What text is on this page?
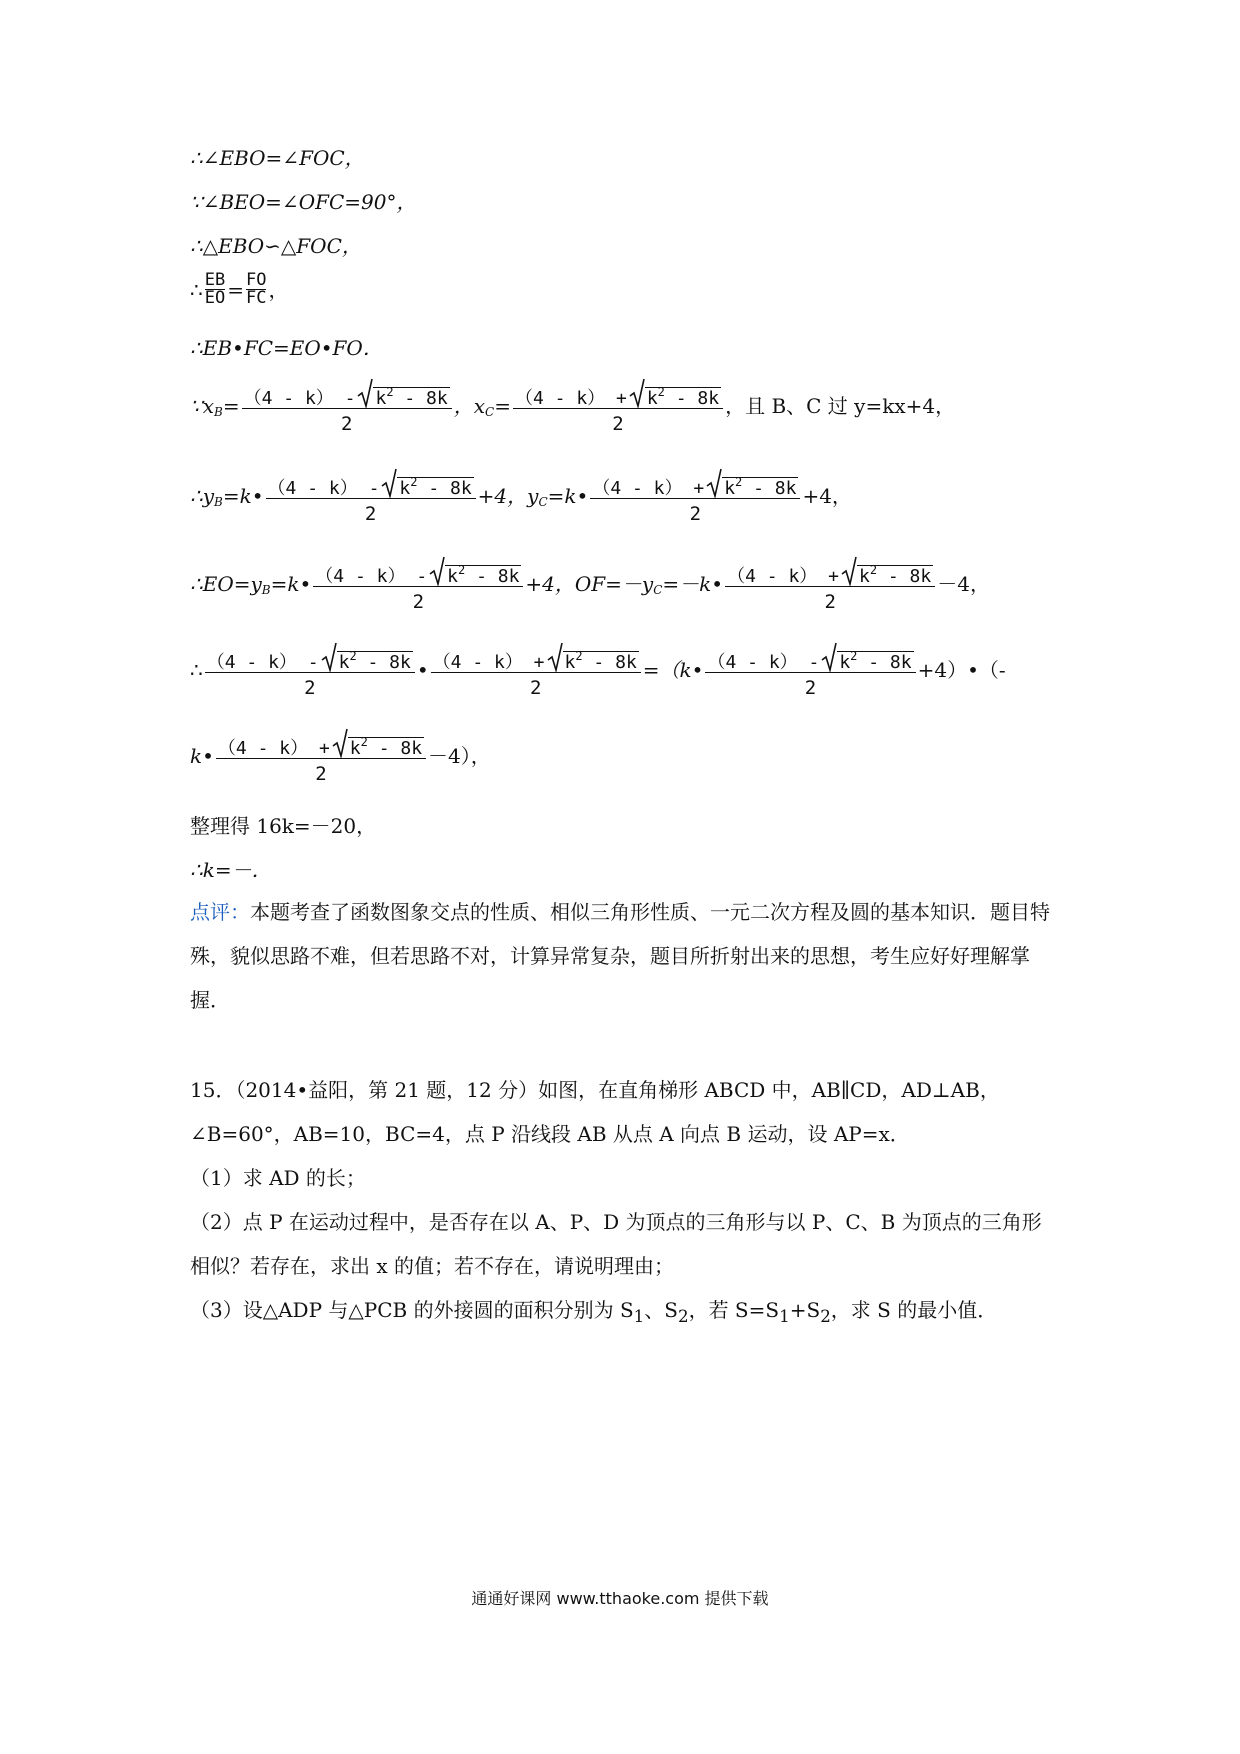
∴∠EBO=∠FOC，
∵∠BEO=∠OFC=90°，
∴△EBO∽△FOC，
∴ EB
EO = FO
FC ，
∴EB•FC=EO•FO．
∵x $B = \frac{(4 - k) - k^2 - 8k}{2}$ ，x $C = \frac{(4 - k) + k^2 - 8k}{2}$ ，且 B、C 过 y=kx+4，
∴y B =k• $\frac{(4 - k) - k^2 - 8k}{2} +4$，y C =k• $\frac{(4 - k) + k^2 - 8k}{2} +4$，
∴EO=y B =k• $\frac{(4 - k) - k^2 - 8k}{2} +4$，OF=－y C =－k• $\frac{(4 - k) + k^2 - 8k}{2} -4$，
∴ $\frac{(4 - k) - k^2 - 8k}{2}$ • $\frac{(4 - k) + k^2 - 8k}{2}$ =（k• $\frac{(4 - k) - k^2 - 8k}{2}$ +4）•（-
k• $\frac{(4 - k) + k^2 - 8k}{2} -4$），
整理得 16k=－20，
∴k=－．
点评：本题考查了函数图象交点的性质、相似三角形性质、一元二次方程及圆的基本知识．题目特殊，貌似思路不难，但若思路不对，计算异常复杂，题目所折射出来的思想，考生应好好理解掌握．
15．（2014•益阳，第 21 题，12 分）如图，在直角梯形 ABCD 中，AB∥CD，AD⊥AB，∠B=60°，AB=10，BC=4，点 P 沿线段 AB 从点 A 向点 B 运动，设 AP=x．
（1）求 AD 的长；
（2）点 P 在运动过程中，是否存在以 A、P、D 为顶点的三角形与以 P、C、B 为顶点的三角形相似？若存在，求出 x 的值；若不存在，请说明理由；
（3）设△ADP 与△PCB 的外接圆的面积分别为 $S_1$、$S_2$，若 $S=S_1+S_2$，求 S 的最小值．
通通好课网 www.tthaoke.com 提供下载
